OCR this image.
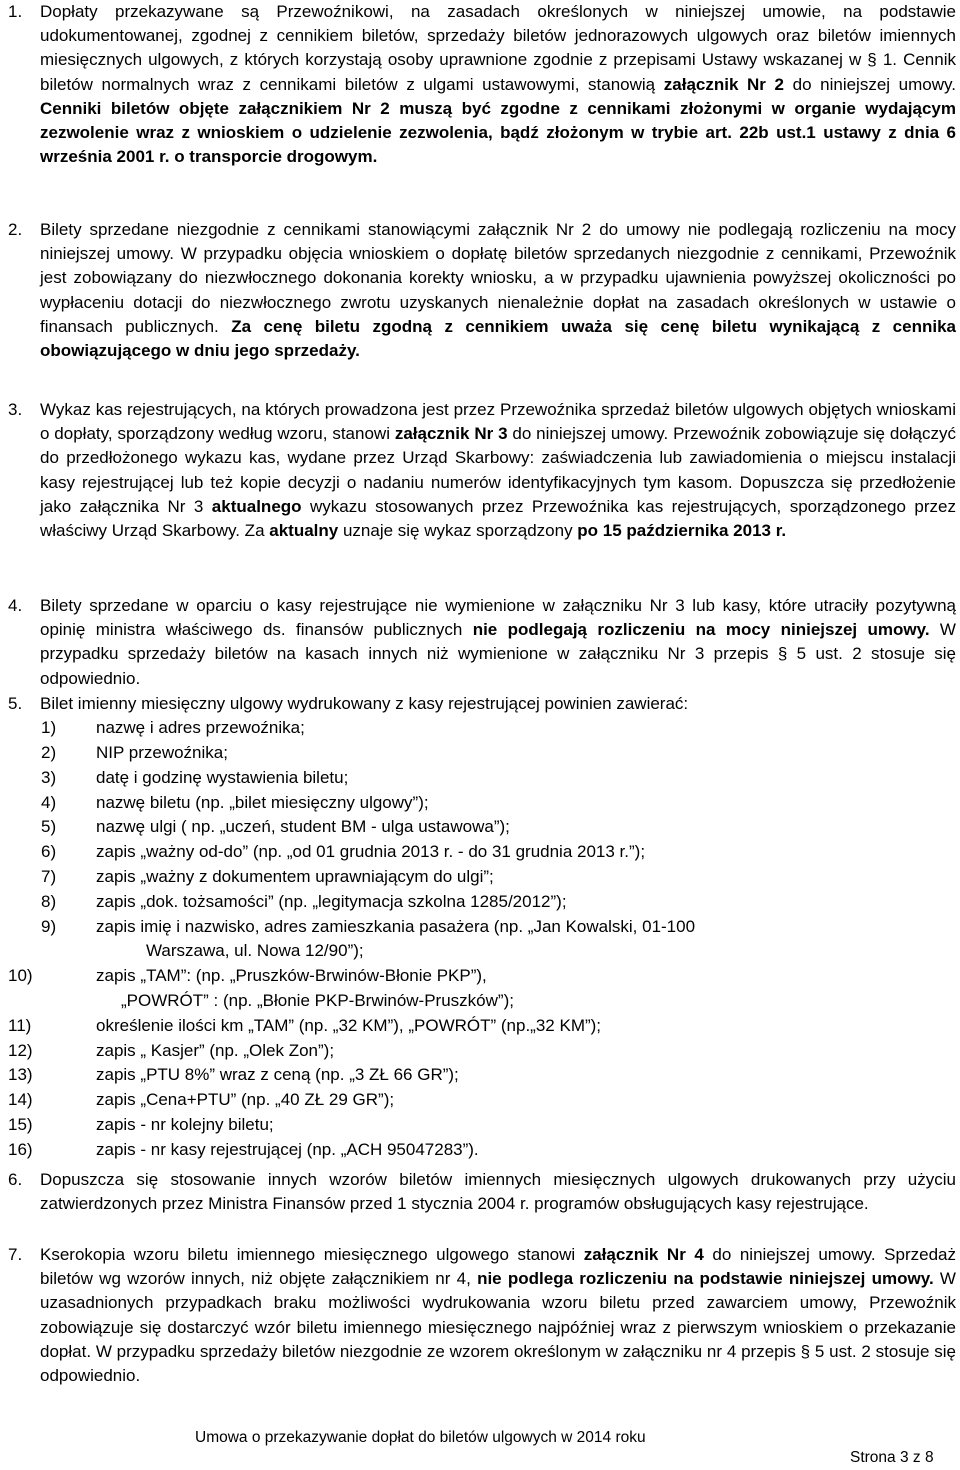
1. Dopłaty przekazywane są Przewoźnikowi, na zasadach określonych w niniejszej umowie, na podstawie udokumentowanej, zgodnej z cennikiem biletów, sprzedaży biletów jednorazowych ulgowych oraz biletów imiennych miesięcznych ulgowych, z których korzystają osoby uprawnione zgodnie z przepisami Ustawy wskazanej w § 1. Cennik biletów normalnych wraz z cennikami biletów z ulgami ustawowymi, stanowią załącznik Nr 2 do niniejszej umowy. Cenniki biletów objęte załącznikiem Nr 2 muszą być zgodne z cennikami złożonymi w organie wydającym zezwolenie wraz z wnioskiem o udzielenie zezwolenia, bądź złożonym w trybie art. 22b ust.1 ustawy z dnia 6 września 2001 r. o transporcie drogowym.
2. Bilety sprzedane niezgodnie z cennikami stanowiącymi załącznik Nr 2 do umowy nie podlegają rozliczeniu na mocy niniejszej umowy. W przypadku objęcia wnioskiem o dopłatę biletów sprzedanych niezgodnie z cennikami, Przewoźnik jest zobowiązany do niezwłocznego dokonania korekty wniosku, a w przypadku ujawnienia powyższej okoliczności po wypłaceniu dotacji do niezwłocznego zwrotu uzyskanych nienależnie dopłat na zasadach określonych w ustawie o finansach publicznych. Za cenę biletu zgodną z cennikiem uważa się cenę biletu wynikającą z cennika obowiązującego w dniu jego sprzedaży.
3. Wykaz kas rejestrujących, na których prowadzona jest przez Przewoźnika sprzedaż biletów ulgowych objętych wnioskami o dopłaty, sporządzony według wzoru, stanowi załącznik Nr 3 do niniejszej umowy. Przewoźnik zobowiązuje się dołączyć do przedłożonego wykazu kas, wydane przez Urząd Skarbowy: zaświadczenia lub zawiadomienia o miejscu instalacji kasy rejestrującej lub też kopie decyzji o nadaniu numerów identyfikacyjnych tym kasom. Dopuszcza się przedłożenie jako załącznika Nr 3 aktualnego wykazu stosowanych przez Przewoźnika kas rejestrujących, sporządzonego przez właściwy Urząd Skarbowy. Za aktualny uznaje się wykaz sporządzony po 15 października 2013 r.
4. Bilety sprzedane w oparciu o kasy rejestrujące nie wymienione w załączniku Nr 3 lub kasy, które utraciły pozytywną opinię ministra właściwego ds. finansów publicznych nie podlegają rozliczeniu na mocy niniejszej umowy. W przypadku sprzedaży biletów na kasach innych niż wymienione w załączniku Nr 3 przepis § 5 ust. 2 stosuje się odpowiednio.
5. Bilet imienny miesięczny ulgowy wydrukowany z kasy rejestrującej powinien zawierać:
1)	nazwę i adres przewoźnika;
2)	NIP przewoźnika;
3)	datę i godzinę wystawienia biletu;
4)	nazwę biletu (np. „bilet miesięczny ulgowy”);
5)	nazwę ulgi ( np. „uczeń, student BM - ulga ustawowa”);
6)	zapis „ważny od-do” (np. „od 01 grudnia 2013 r. - do 31 grudnia 2013 r.”);
7)	zapis „ważny z dokumentem uprawniającym do ulgi”;
8)	zapis „dok. tożsamości” (np. „legitymacja szkolna 1285/2012”);
9)	zapis imię i nazwisko, adres zamieszkania pasażera (np. „Jan Kowalski, 01-100
Warszawa, ul. Nowa 12/90”);
10)	zapis „TAM”: (np. „Pruszków-Brwinów-Błonie PKP”),
„POWRÓT” : (np. „Błonie PKP-Brwinów-Pruszków”);
11)	określenie ilości km „TAM” (np. „32 KM”), „POWRÓT” (np.„32 KM”);
12)	zapis „ Kasjer” (np. „Olek Zon”);
13)	zapis „PTU 8%” wraz z ceną (np. „3 ZŁ 66 GR”);
14)	zapis „Cena+PTU” (np. „40 ZŁ 29 GR”);
15)	zapis - nr kolejny biletu;
16)	zapis - nr kasy rejestrującej (np. „ACH 95047283”).
6. Dopuszcza się stosowanie innych wzorów biletów imiennych miesięcznych ulgowych drukowanych przy użyciu zatwierdzonych przez Ministra Finansów przed 1 stycznia 2004 r. programów obsługujących kasy rejestrujące.
7. Kserokopia wzoru biletu imiennego miesięcznego ulgowego stanowi załącznik Nr 4 do niniejszej umowy. Sprzedaż biletów wg wzorów innych, niż objęte załącznikiem nr 4, nie podlega rozliczeniu na podstawie niniejszej umowy. W uzasadnionych przypadkach braku możliwości wydrukowania wzoru biletu przed zawarciem umowy, Przewoźnik zobowiązuje się dostarczyć wzór biletu imiennego miesięcznego najpóźniej wraz z pierwszym wnioskiem o przekazanie dopłat. W przypadku sprzedaży biletów niezgodnie ze wzorem określonym w załączniku nr 4 przepis § 5 ust. 2 stosuje się odpowiednio.
Umowa o przekazywanie dopłat do biletów ulgowych w 2014 roku
Strona 3 z 8
